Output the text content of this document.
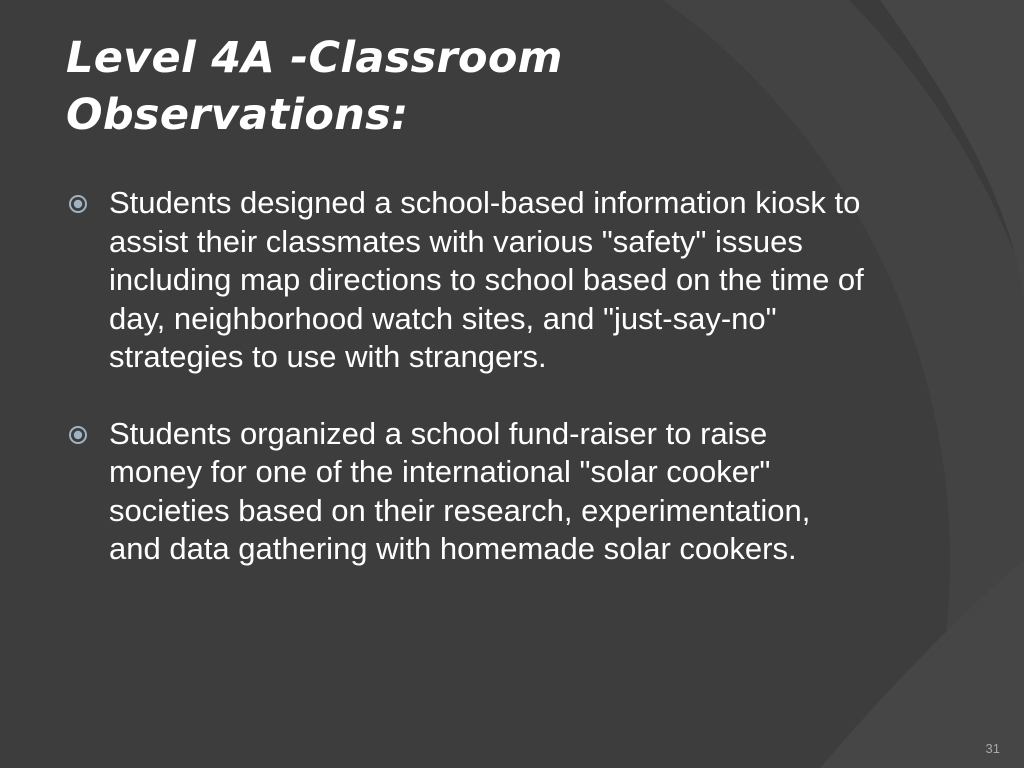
Level 4A -Classroom
Observations:
Students designed a school-based information kiosk to assist their classmates with various "safety" issues including map directions to school based on the time of day, neighborhood watch sites, and "just-say-no" strategies to use with strangers.
Students organized a school fund-raiser to raise money for one of the international "solar cooker" societies based on their research, experimentation, and data gathering with homemade solar cookers.
31
